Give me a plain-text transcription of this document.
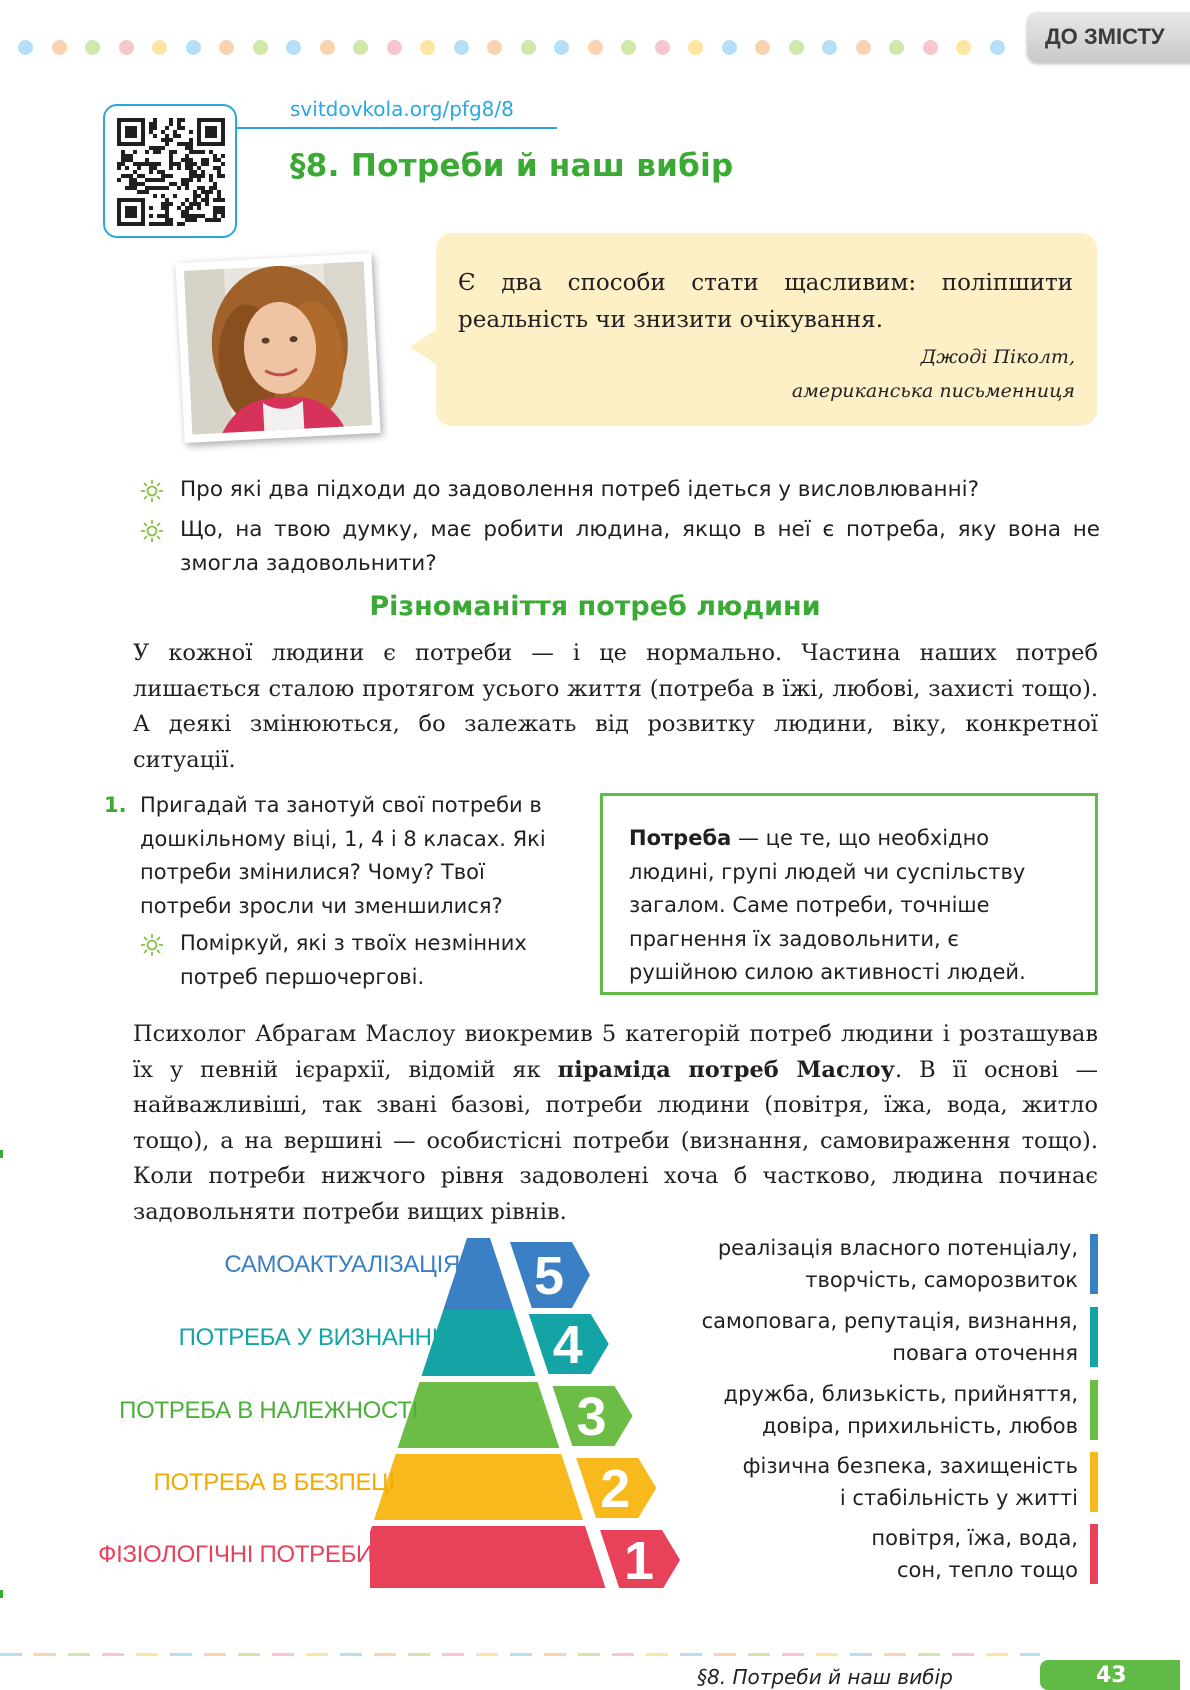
ДО ЗМІСТУ
svitdovkola.org/pfg8/8
§8. Потреби й наш вибір
Є два способи стати щасливим: поліпшити реальність чи знизити очікування.
Джоді Піколт,
американська письменниця
Про які два підходи до задоволення потреб ідеться у висловлюванні?
Що, на твою думку, має робити людина, якщо в неї є потреба, яку вона не змогла задовольнити?
Різноманіття потреб людини
У кожної людини є потреби — і це нормально. Частина наших потреб лишається сталою протягом усього життя (потреба в їжі, любові, захисті тощо). А деякі змінюються, бо залежать від розвитку людини, віку, конкретної ситуації.
1. Пригадай та занотуй свої потреби в дошкільному віці, 1, 4 і 8 класах. Які потреби змінилися? Чому? Твої потреби зросли чи зменшилися?
Поміркуй, які з твоїх незмінних потреб першочергові.
Потреба — це те, що необхідно людині, групі людей чи суспільству загалом. Саме потреби, точніше прагнення їх задовольнити, є рушійною силою активності людей.
Психолог Абрагам Маслоу виокремив 5 категорій потреб людини і розташував їх у певній ієрархії, відомій як піраміда потреб Маслоу. В її основі — найважливіші, так звані базові, потреби людини (повітря, їжа, вода, житло тощо), а на вершині — особистісні потреби (визнання, самовираження тощо). Коли потреби нижчого рівня задоволені хоча б частково, людина починає задовольняти потреби вищих рівнів.
5
4
3
2
1
САМОАКТУАЛІЗАЦІЯ
реалізація власного потенціалу,
творчість, саморозвиток
ПОТРЕБА У ВИЗНАННІ
самоповага, репутація, визнання,
повага оточення
ПОТРЕБА В НАЛЕЖНОСТІ
дружба, близькість, прийняття,
довіра, прихильність, любов
ПОТРЕБА В БЕЗПЕЦІ
фізична безпека, захищеність
і стабільність у житті
ФІЗІОЛОГІЧНІ ПОТРЕБИ
повітря, їжа, вода,
сон, тепло тощо
§8. Потреби й наш вибір	43
